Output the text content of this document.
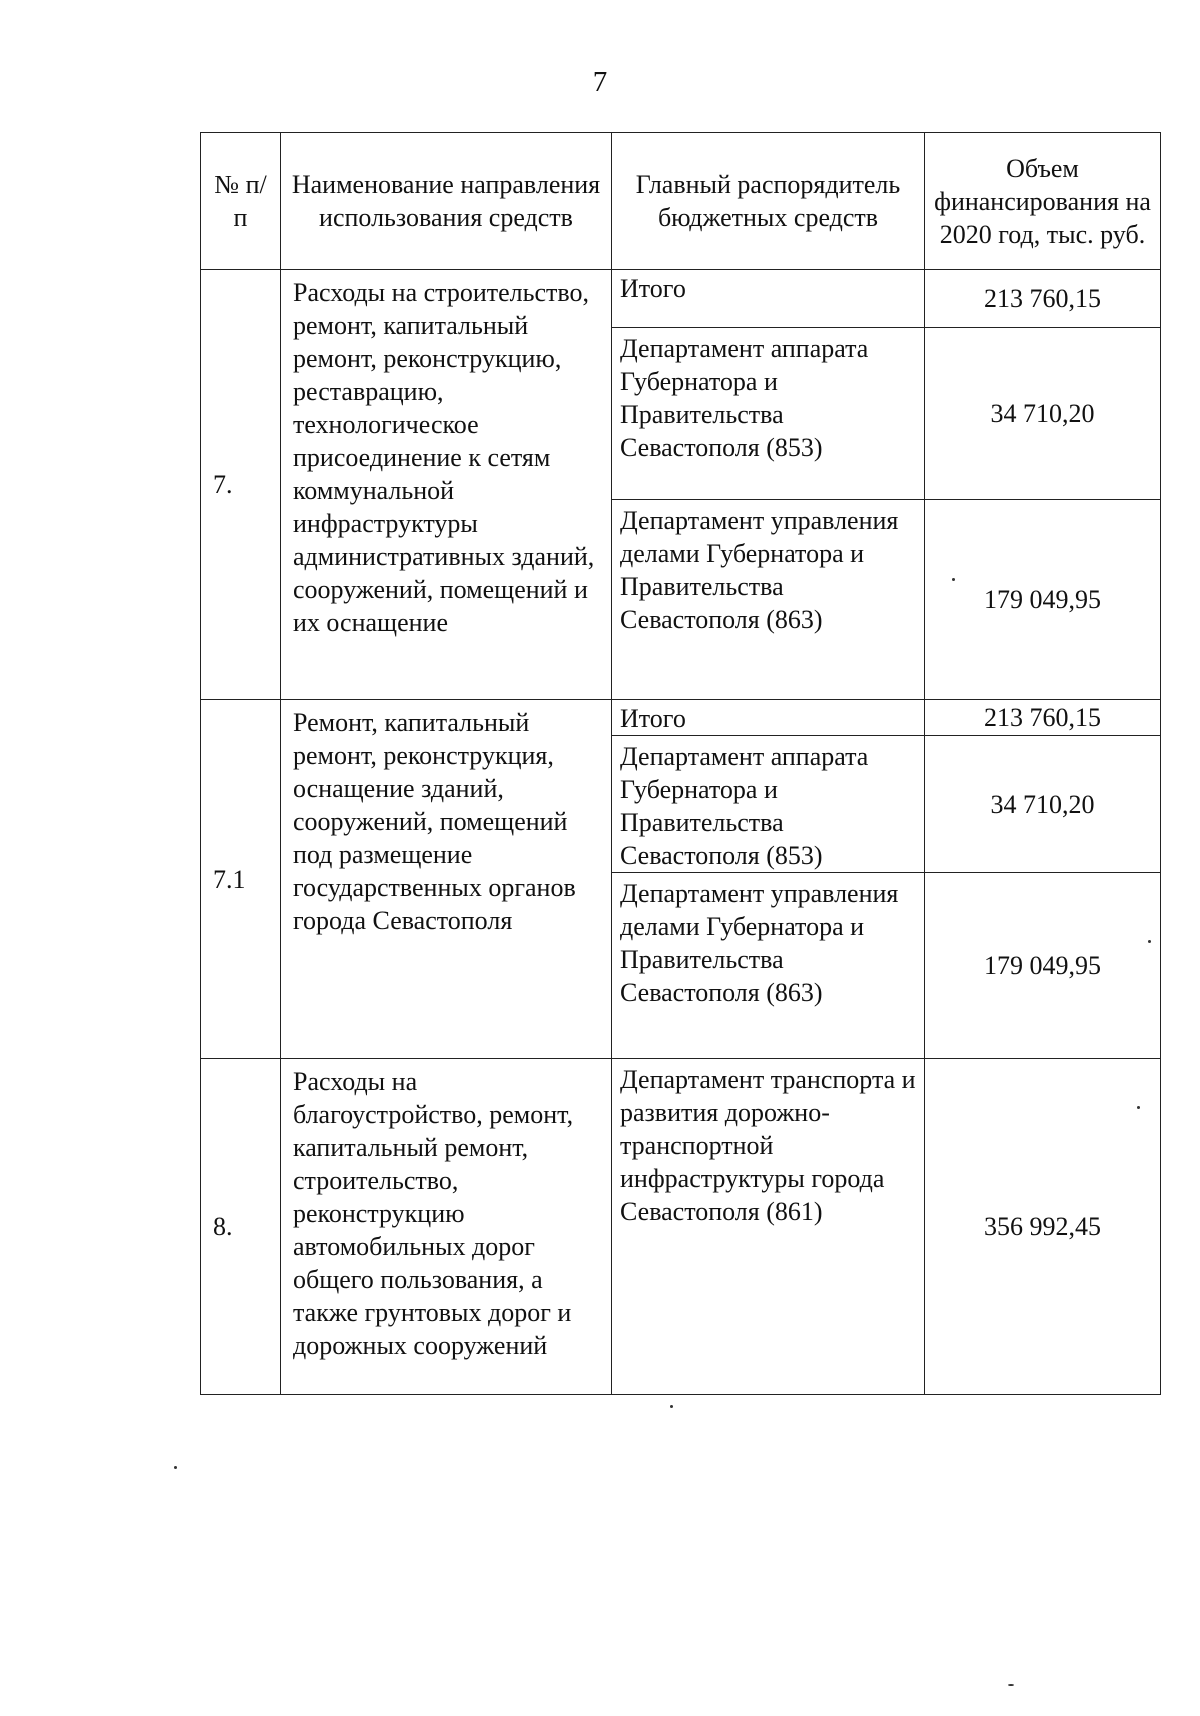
7
№ п/п	Наименование направления использования средств	Главный распорядитель бюджетных средств	Объем финансирования на 2020 год, тыс. руб.
7.	Расходы на строительство, ремонт, капитальный ремонт, реконструкцию, реставрацию, технологическое присоединение к сетям коммунальной инфраструктуры административных зданий, сооружений, помещений и их оснащение	Итого	213 760,15
		Департамент аппарата Губернатора и Правительства Севастополя (853)	34 710,20
		Департамент управления делами Губернатора и Правительства Севастополя (863)	179 049,95
7.1	Ремонт, капитальный ремонт, реконструкция, оснащение зданий, сооружений, помещений под размещение государственных органов города Севастополя	Итого	213 760,15
		Департамент аппарата Губернатора и Правительства Севастополя (853)	34 710,20
		Департамент управления делами Губернатора и Правительства Севастополя (863)	179 049,95
8.	Расходы на благоустройство, ремонт, капитальный ремонт, строительство, реконструкцию автомобильных дорог общего пользования, а также грунтовых дорог и дорожных сооружений	Департамент транспорта и развития дорожно-транспортной инфраструктуры города Севастополя (861)	356 992,45
